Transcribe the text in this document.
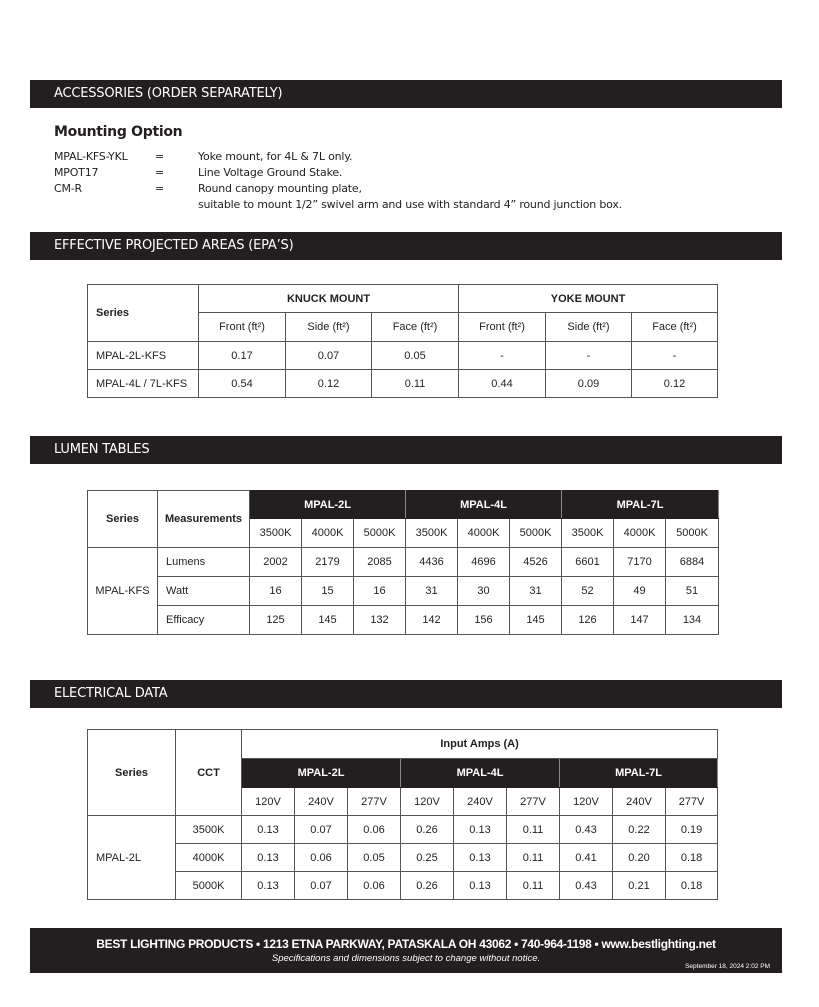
ACCESSORIES (ORDER SEPARATELY)
Mounting Option
MPAL-KFS-YKL =	Yoke mount, for 4L & 7L only.
MPOT17	=	Line Voltage Ground Stake.
CM-R	=	Round canopy mounting plate,
suitable to mount 1/2” swivel arm and use with standard 4” round junction box.
EFFECTIVE PROJECTED AREAS (EPA’S)
Series	KNUCK MOUNT			YOKE MOUNT		
	Front (ft²)	Side (ft²)	Face (ft²)	Front (ft²)	Side (ft²)	Face (ft²)
MPAL-2L-KFS	0.17	0.07	0.05	-	-	-
MPAL-4L / 7L-KFS	0.54	0.12	0.11	0.44	0.09	0.12
LUMEN TABLES
Series	Measurements	MPAL-2L			MPAL-4L			MPAL-7L		
		3500K	4000K	5000K	3500K	4000K	5000K	3500K	4000K	5000K
MPAL-KFS	Lumens	2002	2179	2085	4436	4696	4526	6601	7170	6884
	Watt	16	15	16	31	30	31	52	49	51
	Efficacy	125	145	132	142	156	145	126	147	134
ELECTRICAL DATA
Series	CCT	Input Amps (A)								
		MPAL-2L			MPAL-4L			MPAL-7L		
		120V	240V	277V	120V	240V	277V	120V	240V	277V
MPAL-2L	3500K	0.13	0.07	0.06	0.26	0.13	0.11	0.43	0.22	0.19
	4000K	0.13	0.06	0.05	0.25	0.13	0.11	0.41	0.20	0.18
	5000K	0.13	0.07	0.06	0.26	0.13	0.11	0.43	0.21	0.18
BEST LIGHTING PRODUCTS • 1213 ETNA PARKWAY, PATASKALA OH 43062 • 740-964-1198 • www.bestlighting.net
Specifications and dimensions subject to change without notice.
September 18, 2024 2:02 PM
